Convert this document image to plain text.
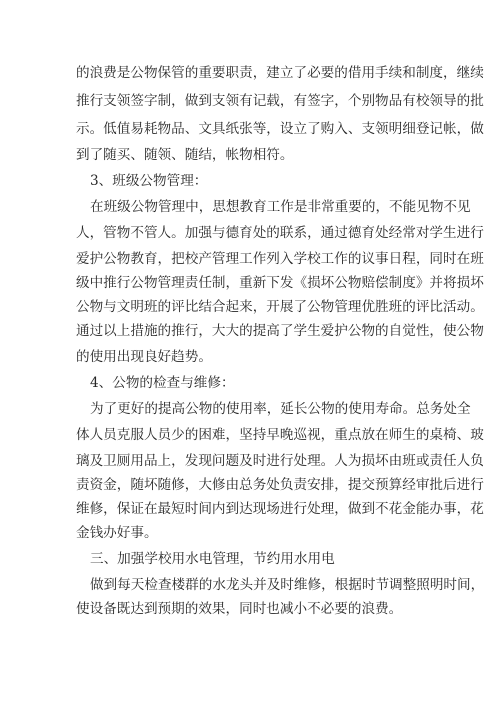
的浪费是公物保管的重要职责，建立了必要的借用手续和制度，继续
推行支领签字制，做到支领有记载，有签字，个别物品有校领导的批
示。低值易耗物品、文具纸张等，设立了购入、支领明细登记帐，做
到了随买、随领、随结，帐物相符。
3、班级公物管理：
在班级公物管理中，思想教育工作是非常重要的，不能见物不见
人，管物不管人。加强与德育处的联系，通过德育处经常对学生进行
爱护公物教育，把校产管理工作列入学校工作的议事日程，同时在班
级中推行公物管理责任制，重新下发《损坏公物赔偿制度》并将损坏
公物与文明班的评比结合起来，开展了公物管理优胜班的评比活动。
通过以上措施的推行，大大的提高了学生爱护公物的自觉性，使公物
的使用出现良好趋势。
4、公物的检查与维修：
为了更好的提高公物的使用率，延长公物的使用寿命。总务处全
体人员克服人员少的困难，坚持早晚巡视，重点放在师生的桌椅、玻
璃及卫厕用品上，发现问题及时进行处理。人为损坏由班或责任人负
责资金，随坏随修，大修由总务处负责安排，提交预算经审批后进行
维修，保证在最短时间内到达现场进行处理，做到不花金能办事，花
金钱办好事。
三、加强学校用水电管理，节约用水用电
做到每天检查楼群的水龙头并及时维修，根据时节调整照明时间，
使设备既达到预期的效果，同时也减小不必要的浪费。
